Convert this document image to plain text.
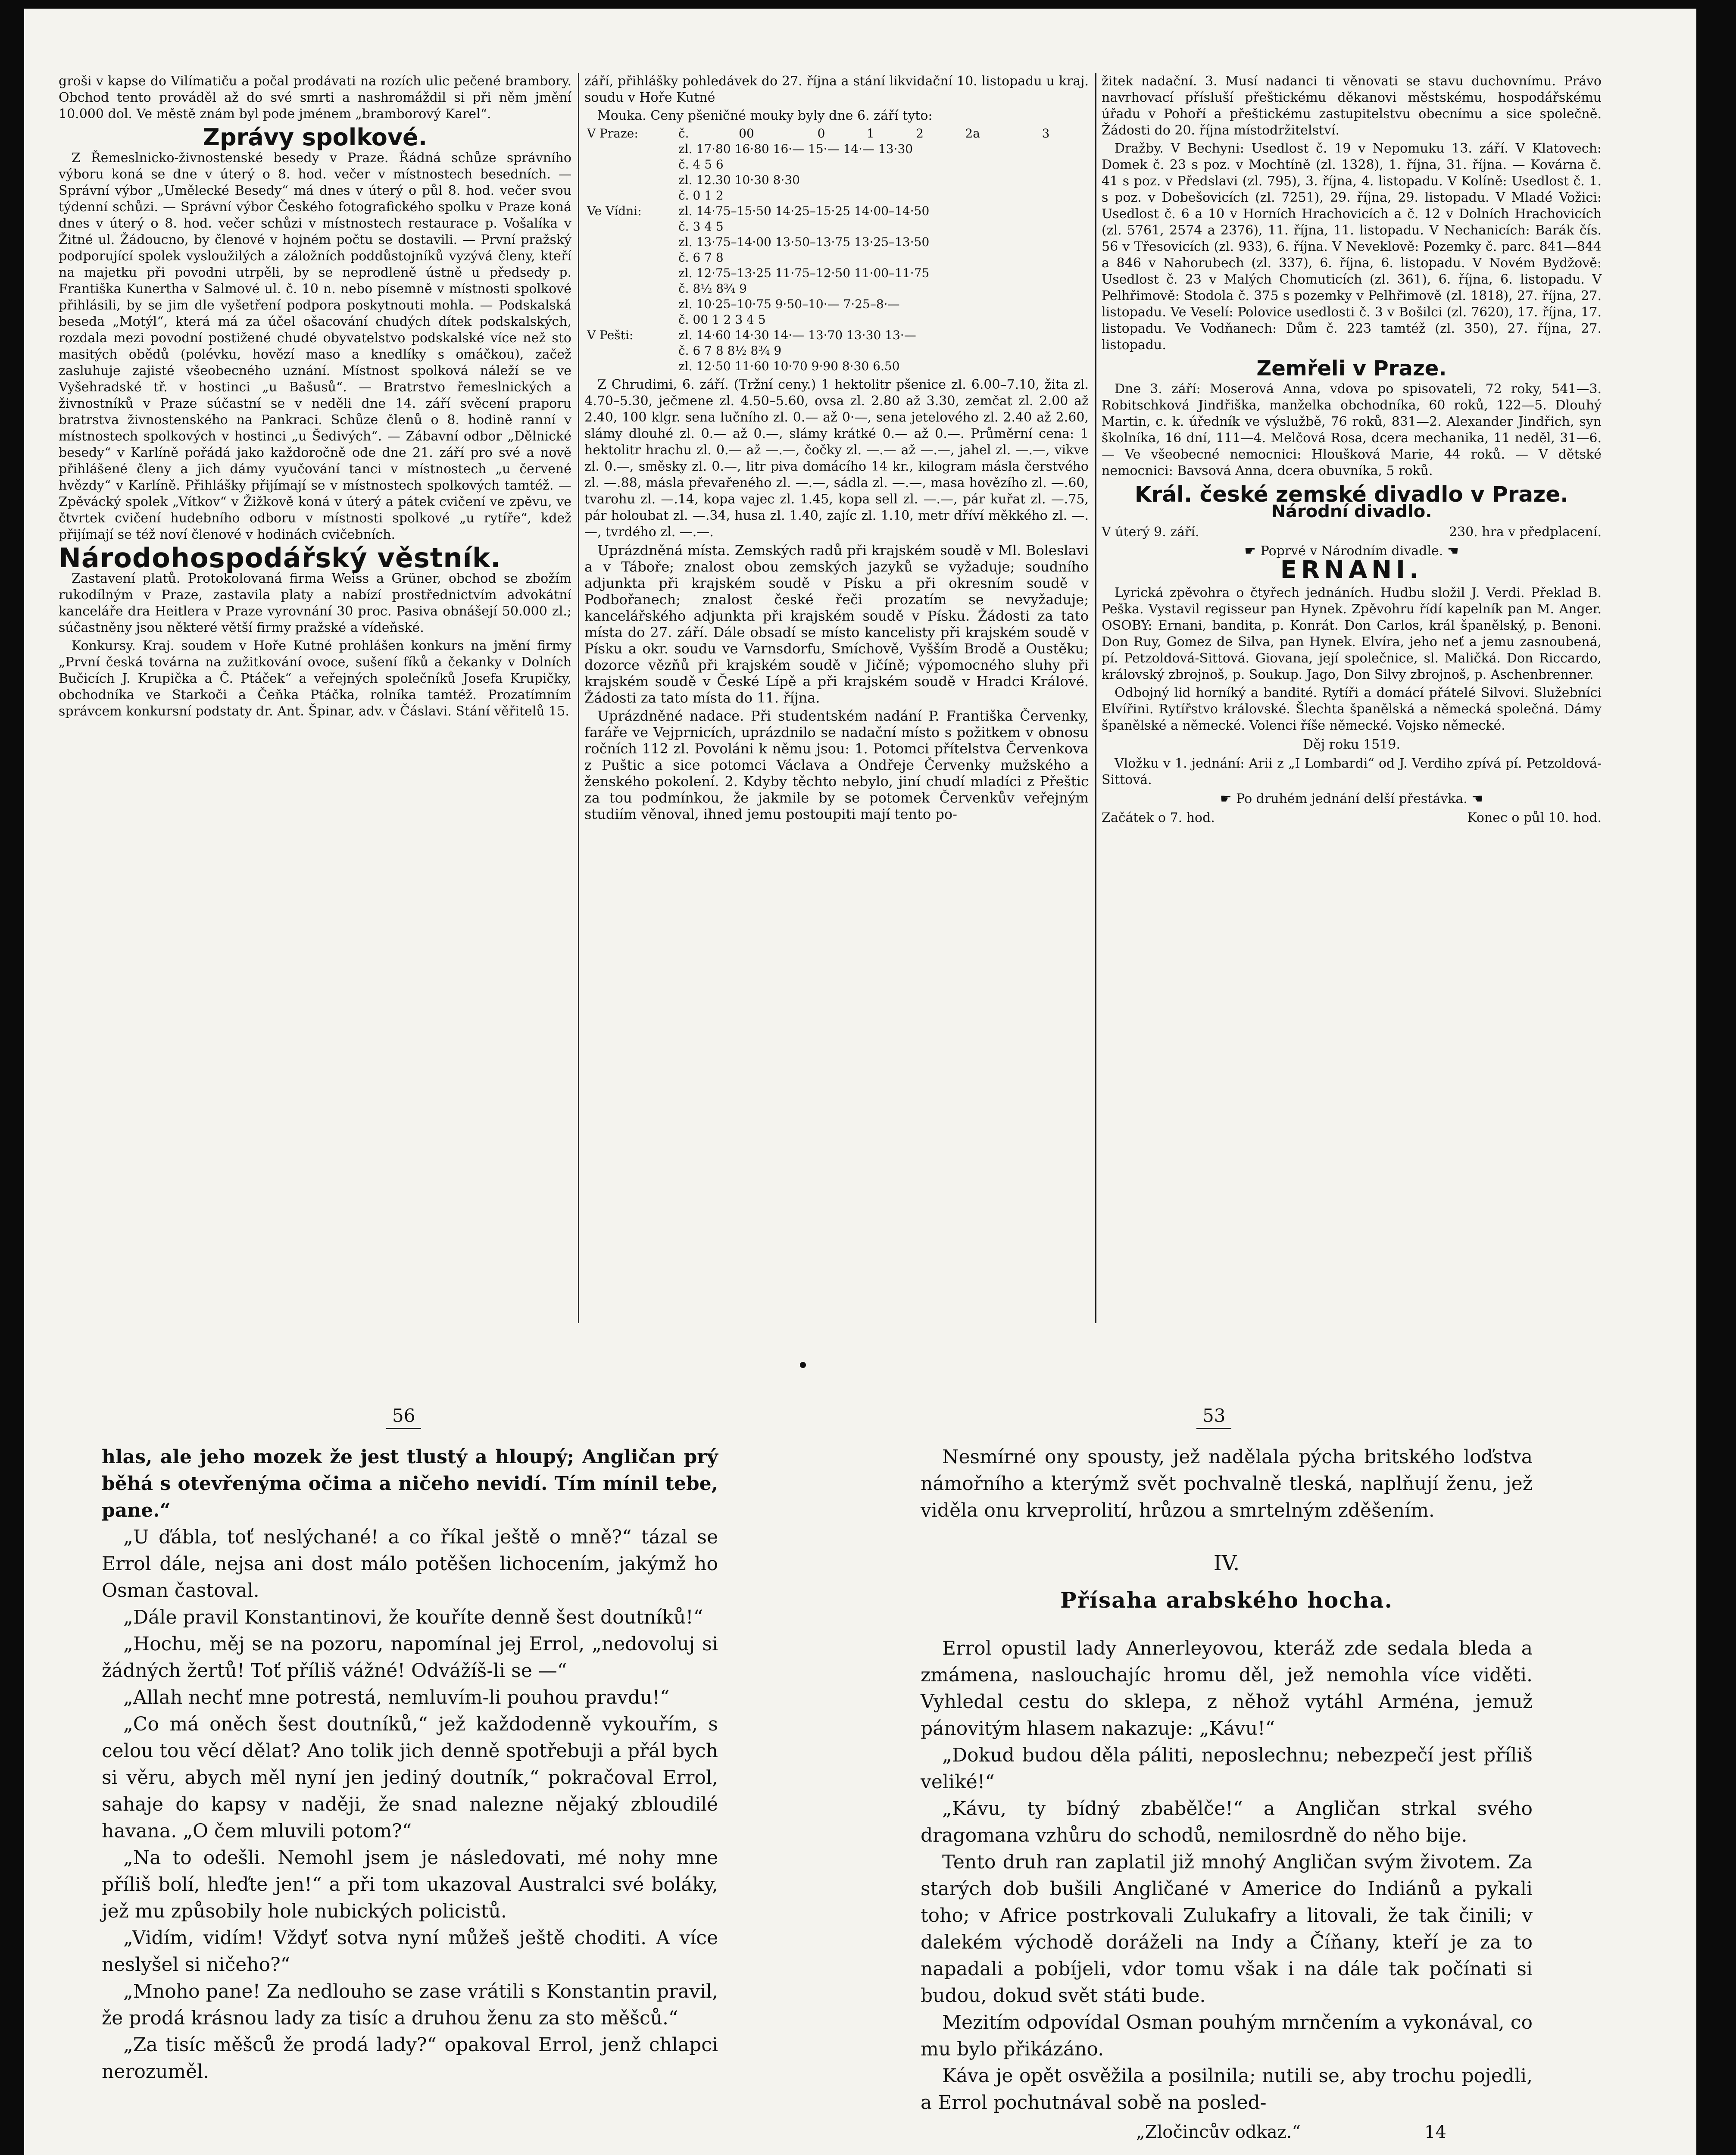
groši v kapse do Vilímatiču a počal prodávati na rozích ulic pečené brambory. Obchod tento prováděl až do své smrti a nashromáždil si při něm jmění 10.000 dol. Ve městě znám byl pode jménem „bramborový Karel“.

Zprávy spolkové.

Z Řemeslnicko-živnostenské besedy v Praze. Řádná schůze správního výboru koná se dne v úterý o 8. hod. večer v místnostech besedních. — Správní výbor „Umělecké Besedy“ má dnes v úterý o půl 8. hod. večer svou týdenní schůzi. — Správní výbor Českého fotografického spolku v Praze koná dnes v úterý o 8. hod. večer schůzi v místnostech restaurace p. Vošalíka v Žitné ul. Žádoucno, by členové v hojném počtu se dostavili. — První pražský podporující spolek vysloužilých a záložních poddůstojníků vyzývá členy, kteří na majetku při povodni utrpěli, by se neprodleně ústně u předsedy p. Františka Kunertha v Salmové ul. č. 10 n. nebo písemně v místnosti spolkové přihlásili, by se jim dle vyšetření podpora poskytnouti mohla. — Podskalská beseda „Motýl“, která má za účel ošacování chudých dítek podskalských, rozdala mezi povodní postižené chudé obyvatelstvo podskalské více než sto masitých obědů (polévku, hovězí maso a knedlíky s omáčkou), začež zasluhuje zajisté všeobecného uznání. Místnost spolková náleží se ve Vyšehradské tř. v hostinci „u Bašusů“. — Bratrstvo řemeslnických a živnostníků v Praze súčastní se v neděli dne 14. září svěcení praporu bratrstva živnostenského na Pankraci. Schůze členů o 8. hodině ranní v místnostech spolkových v hostinci „u Šedivých“. — Zábavní odbor „Dělnické besedy“ v Karlíně pořádá jako každoročně ode dne 21. září pro své a nově přihlášené členy a jich dámy vyučování tanci v místnostech „u červené hvězdy“ v Karlíně. Přihlášky přijímají se v místnostech spolkových tamtéž. — Zpěvácký spolek „Vítkov“ v Žižkově koná v úterý a pátek cvičení ve zpěvu, ve čtvrtek cvičení hudebního odboru v místnosti spolkové „u rytíře“, kdež přijímají se též noví členové v hodinách cvičebních.

Národohospodářský věstník.

Zastavení platů. Protokolovaná firma Weiss a Grüner, obchod se zbožím rukodílným v Praze, zastavila platy a nabízí prostřednictvím advokátní kanceláře dra Heitlera v Praze vyrovnání 30 proc. Pasiva obnášejí 50.000 zl.; súčastněny jsou některé větší firmy pražské a vídeňské.

Konkursy. Kraj. soudem v Hoře Kutné prohlášen konkurs na jmění firmy „První česká továrna na zužitkování ovoce, sušení fíků a čekanky v Dolních Bučicích J. Krupička a Č. Ptáček“ a veřejných společníků Josefa Krupičky, obchodníka ve Starkoči a Čeňka Ptáčka, rolníka tamtéž. Prozatímním správcem konkursní podstaty dr. Ant. Špinar, adv. v Čáslavi. Stání věřitelů 15.

září, přihlášky pohledávek do 27. října a stání likvidační 10. listopadu u kraj. soudu v Hoře Kutné

Mouka. Ceny pšeničné mouky byly dne 6. září tyto:

V Praze:	č.	00	0	1	2	2a	3
	zl. 17·80 16·80 16·— 15·— 14·— 13·30						
	č. 4 5 6						
	zl. 12.30 10·30 8·30						
	č. 0 1 2						
Ve Vídni:	zl. 14·75–15·50 14·25–15·25 14·00–14·50						
	č. 3 4 5						
	zl. 13·75–14·00 13·50–13·75 13·25–13·50						
	č. 6 7 8						
	zl. 12·75–13·25 11·75–12·50 11·00–11·75						
	č. 8½ 8¾ 9						
	zl. 10·25–10·75 9·50–10·— 7·25–8·—						
	č. 00 1 2 3 4 5						
V Pešti:	zl. 14·60 14·30 14·— 13·70 13·30 13·—						
	č. 6 7 8 8½ 8¾ 9						
	zl. 12·50 11·60 10·70 9·90 8·30 6.50						

Z Chrudimi, 6. září. (Tržní ceny.) 1 hektolitr pšenice zl. 6.00–7.10, žita zl. 4.70–5.30, ječmene zl. 4.50–5.60, ovsa zl. 2.80 až 3.30, zemčat zl. 2.00 až 2.40, 100 klgr. sena lučního zl. 0.— až 0·—, sena jetelového zl. 2.40 až 2.60, slámy dlouhé zl. 0.— až 0.—, slámy krátké 0.— až 0.—. Průměrní cena: 1 hektolitr hrachu zl. 0.— až —.—, čočky zl. —.— až —.—, jahel zl. —.—, vikve zl. 0.—, směsky zl. 0.—, litr piva domácího 14 kr., kilogram másla čerstvého zl. —.88, másla převařeného zl. —.—, sádla zl. —.—, masa hovězího zl. —.60, tvarohu zl. —.14, kopa vajec zl. 1.45, kopa sell zl. —.—, pár kuřat zl. —.75, pár holoubat zl. —.34, husa zl. 1.40, zajíc zl. 1.10, metr dříví měkkého zl. —.—, tvrdého zl. —.—.

Uprázdněná místa. Zemských radů při krajském soudě v Ml. Boleslavi a v Táboře; znalost obou zemských jazyků se vyžaduje; soudního adjunkta při krajském soudě v Písku a při okresním soudě v Podbořanech; znalost české řeči prozatím se nevyžaduje; kancelářského adjunkta při krajském soudě v Písku. Žádosti za tato místa do 27. září. Dále obsadí se místo kancelisty při krajském soudě v Písku a okr. soudu ve Varnsdorfu, Smíchově, Vyšším Brodě a Oustěku; dozorce vězňů při krajském soudě v Jičíně; výpomocného sluhy při krajském soudě v České Lípě a při krajském soudě v Hradci Králové. Žádosti za tato místa do 11. října.

Uprázdněné nadace. Při studentském nadání P. Františka Červenky, faráře ve Vejprnicích, uprázdnilo se nadační místo s požitkem v obnosu ročních 112 zl. Povoláni k němu jsou: 1. Potomci přítelstva Červenkova z Puštic a sice potomci Václava a Ondřeje Červenky mužského a ženského pokolení. 2. Kdyby těchto nebylo, jiní chudí mladíci z Přeštic za tou podmínkou, že jakmile by se potomek Červenkův veřejným studiím věnoval, ihned jemu postoupiti mají tento po-

žitek nadační. 3. Musí nadanci ti věnovati se stavu duchovnímu. Právo navrhovací přísluší přeštickému děkanovi městskému, hospodářskému úřadu v Pohoří a přeštickému zastupitelstvu obecnímu a sice společně. Žádosti do 20. října místodržitelství.

Dražby. V Bechyni: Usedlost č. 19 v Nepomuku 13. září. V Klatovech: Domek č. 23 s poz. v Mochtíně (zl. 1328), 1. října, 31. října. — Kovárna č. 41 s poz. v Předslavi (zl. 795), 3. října, 4. listopadu. V Kolíně: Usedlost č. 1. s poz. v Dobešovicích (zl. 7251), 29. října, 29. listopadu. V Mladé Vožici: Usedlost č. 6 a 10 v Horních Hrachovicích a č. 12 v Dolních Hrachovicích (zl. 5761, 2574 a 2376), 11. října, 11. listopadu. V Nechanicích: Barák čís. 56 v Třesovicích (zl. 933), 6. října. V Neveklově: Pozemky č. parc. 841—844 a 846 v Nahorubech (zl. 337), 6. října, 6. listopadu. V Novém Bydžově: Usedlost č. 23 v Malých Chomuticích (zl. 361), 6. října, 6. listopadu. V Pelhřimově: Stodola č. 375 s pozemky v Pelhřimově (zl. 1818), 27. října, 27. listopadu. Ve Veselí: Polovice usedlosti č. 3 v Bošilci (zl. 7620), 17. října, 17. listopadu. Ve Vodňanech: Dům č. 223 tamtéž (zl. 350), 27. října, 27. listopadu.

Zemřeli v Praze.

Dne 3. září: Moserová Anna, vdova po spisovateli, 72 roky, 541—3. Robitschková Jindřiška, manželka obchodníka, 60 roků, 122—5. Dlouhý Martin, c. k. úředník ve výslužbě, 76 roků, 831—2. Alexander Jindřich, syn školníka, 16 dní, 111—4. Melčová Rosa, dcera mechanika, 11 neděl, 31—6. — Ve všeobecné nemocnici: Hloušková Marie, 44 roků. — V dětské nemocnici: Bavsová Anna, dcera obuvníka, 5 roků.

Král. české zemské divadlo v Praze.
Národní divadlo.
V úterý 9. září.	230. hra v předplacení.
☛ Poprvé v Národním divadle. ☚
ERNANI.

Lyrická zpěvohra o čtyřech jednáních. Hudbu složil J. Verdi. Překlad B. Peška. Vystavil regisseur pan Hynek. Zpěvohru řídí kapelník pan M. Anger. OSOBY: Ernani, bandita, p. Konrát. Don Carlos, král španělský, p. Benoni. Don Ruy, Gomez de Silva, pan Hynek. Elvíra, jeho neť a jemu zasnoubená, pí. Petzoldová-Sittová. Giovana, její společnice, sl. Maličká. Don Riccardo, královský zbrojnoš, p. Soukup. Jago, Don Silvy zbrojnoš, p. Aschenbrenner.

Odbojný lid horníký a bandité. Rytíři a domácí přátelé Silvovi. Služebníci Elvířini. Rytířstvo královské. Šlechta španělská a německá společná. Dámy španělské a německé. Volenci říše německé. Vojsko německé.

Děj roku 1519.

Vložku v 1. jednání: Arii z „I Lombardi“ od J. Verdiho zpívá pí. Petzoldová-Sittová.

☛ Po druhém jednání delší přestávka. ☚
Začátek o 7. hod.	Konec o půl 10. hod.
56	53

hlas, ale jeho mozek že jest tlustý a hloupý; Angličan prý běhá s otevřenýma očima a ničeho nevidí. Tím mínil tebe, pane.“

„U ďábla, toť neslýchané! a co říkal ještě o mně?“ tázal se Errol dále, nejsa ani dost málo potěšen lichocením, jakýmž ho Osman častoval.

„Dále pravil Konstantinovi, že kouříte denně šest doutníků!“

„Hochu, měj se na pozoru, napomínal jej Errol, „nedovoluj si žádných žertů! Toť příliš vážné! Odvážíš-li se —“

„Allah nechť mne potrestá, nemluvím-li pouhou pravdu!“

„Co má oněch šest doutníků,“ jež každodenně vykouřím, s celou tou věcí dělat? Ano tolik jich denně spotřebuji a přál bych si věru, abych měl nyní jen jediný doutník,“ pokračoval Errol, sahaje do kapsy v naději, že snad nalezne nějaký zbloudilé havana. „O čem mluvili potom?“

„Na to odešli. Nemohl jsem je následovati, mé nohy mne příliš bolí, hleďte jen!“ a při tom ukazoval Australci své boláky, jež mu způsobily hole nubických policistů.

„Vidím, vidím! Vždyť sotva nyní můžeš ještě choditi. A více neslyšel si ničeho?“

„Mnoho pane! Za nedlouho se zase vrátili s Konstantin pravil, že prodá krásnou lady za tisíc a druhou ženu za sto měšců.“

„Za tisíc měšců že prodá lady?“ opakoval Errol, jenž chlapci nerozuměl.

Nesmírné ony spousty, jež nadělala pýcha britského loďstva námořního a kterýmž svět pochvalně tleská, naplňují ženu, jež viděla onu krveprolití, hrůzou a smrtelným zděšením.

IV.
Přísaha arabského hocha.

Errol opustil lady Annerleyovou, kteráž zde sedala bleda a zmámena, naslouchajíc hromu děl, jež nemohla více viděti. Vyhledal cestu do sklepa, z něhož vytáhl Arména, jemuž pánovitým hlasem nakazuje: „Kávu!“

„Dokud budou děla páliti, neposlechnu; nebezpečí jest příliš veliké!“

„Kávu, ty bídný zbabělče!“ a Angličan strkal svého dragomana vzhůru do schodů, nemilosrdně do něho bije.

Tento druh ran zaplatil již mnohý Angličan svým životem. Za starých dob bušili Angličané v Americe do Indiánů a pykali toho; v Africe postrkovali Zulukafry a litovali, že tak činili; v dalekém východě doráželi na Indy a Číňany, kteří je za to napadali a pobíjeli, vdor tomu však i na dále tak počínati si budou, dokud svět státi bude.

Mezitím odpovídal Osman pouhým mrnčením a vykonával, co mu bylo přikázáno.

Káva je opět osvěžila a posilnila; nutili se, aby trochu pojedli, a Errol pochutnával sobě na posled-

„Zločincův odkaz.“	14
